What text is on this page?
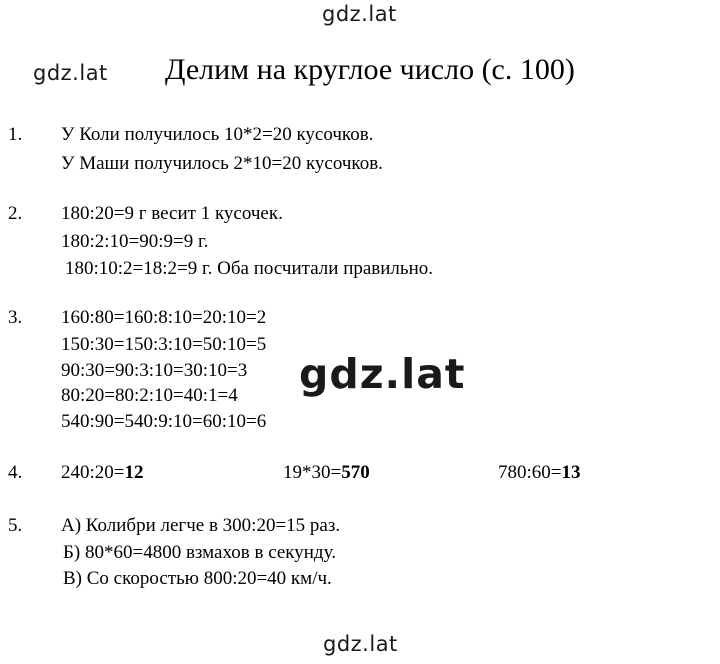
gdz.lat
gdz.lat Делим на круглое число (с. 100)
1. У Коли получилось 10*2=20 кусочков.
У Маши получилось 2*10=20 кусочков.
2. 180:20=9 г весит 1 кусочек.
180:2:10=90:9=9 г.
180:10:2=18:2=9 г. Оба посчитали правильно.
3. 160:80=160:8:10=20:10=2
150:30=150:3:10=50:10=5
90:30=90:3:10=30:10=3
80:20=80:2:10=40:1=4
540:90=540:9:10=60:10=6
gdz.lat
4. 240:20=12	19*30=570	780:60=13
5. А) Колибри легче в 300:20=15 раз.
Б) 80*60=4800 взмахов в секунду.
В) Со скоростью 800:20=40 км/ч.
gdz.lat
